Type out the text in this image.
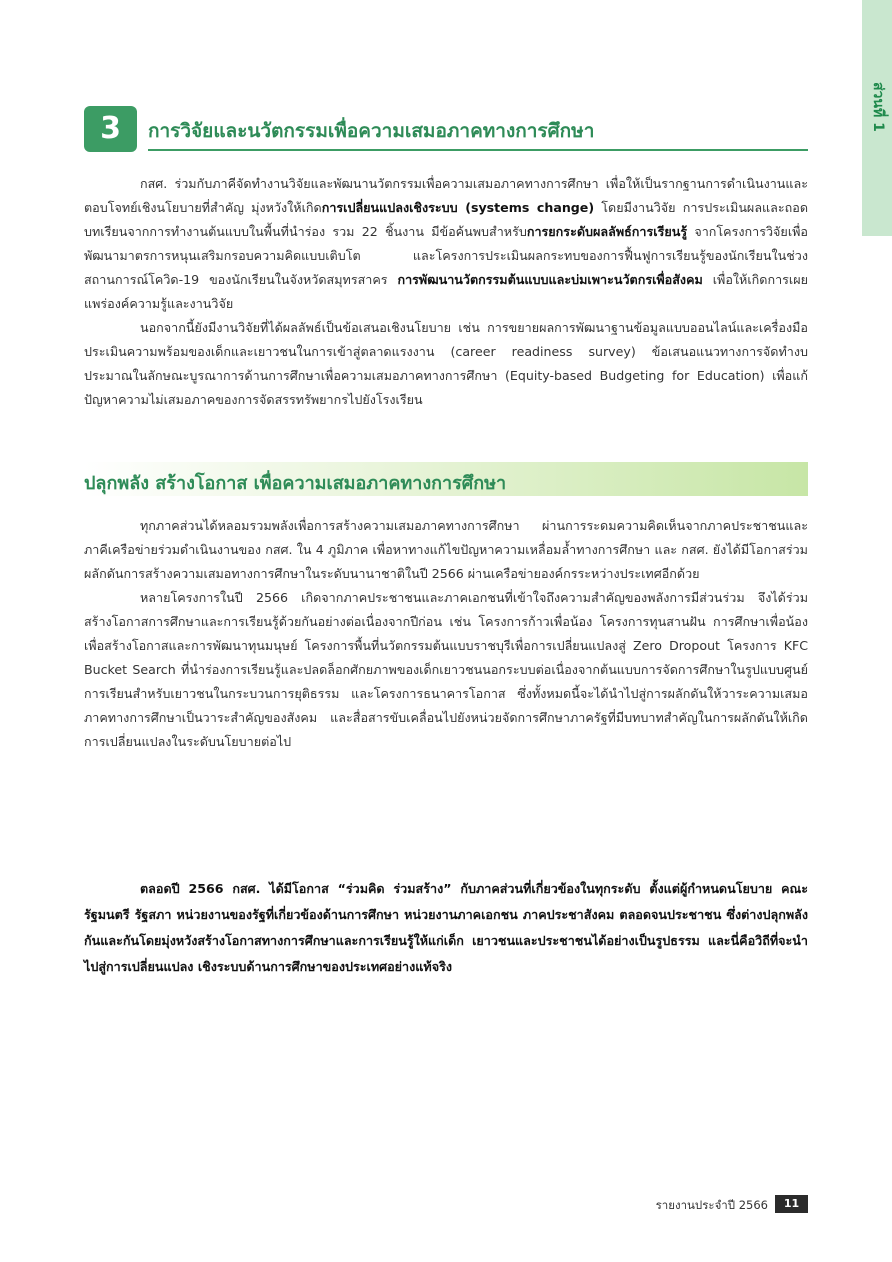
ส่วนที่ 1
3	การวิจัยและนวัตกรรมเพื่อความเสมอภาคทางการศึกษา

กสศ. ร่วมกับภาคีจัดทำงานวิจัยและพัฒนานวัตกรรมเพื่อความเสมอภาคทางการศึกษา เพื่อให้เป็นรากฐานการดำเนินงานและตอบโจทย์เชิงนโยบายที่สำคัญ มุ่งหวังให้เกิดการเปลี่ยนแปลงเชิงระบบ (systems change) โดยมีงานวิจัย การประเมินผลและถอดบทเรียนจากการทำงานต้นแบบในพื้นที่นำร่อง รวม 22 ชิ้นงาน มีข้อค้นพบสำหรับการยกระดับผลลัพธ์การเรียนรู้ จากโครงการวิจัยเพื่อพัฒนามาตรการหนุนเสริมกรอบความคิดแบบเติบโต และโครงการประเมินผลกระทบของการฟื้นฟูการเรียนรู้ของนักเรียนในช่วงสถานการณ์โควิด-19 ของนักเรียนในจังหวัดสมุทรสาคร การพัฒนานวัตกรรมต้นแบบและบ่มเพาะนวัตกรเพื่อสังคม เพื่อให้เกิดการเผยแพร่องค์ความรู้และงานวิจัย

นอกจากนี้ยังมีงานวิจัยที่ได้ผลลัพธ์เป็นข้อเสนอเชิงนโยบาย เช่น การขยายผลการพัฒนาฐานข้อมูลแบบออนไลน์และเครื่องมือประเมินความพร้อมของเด็กและเยาวชนในการเข้าสู่ตลาดแรงงาน (career readiness survey) ข้อเสนอแนวทางการจัดทำงบประมาณในลักษณะบูรณาการด้านการศึกษาเพื่อความเสมอภาคทางการศึกษา (Equity-based Budgeting for Education) เพื่อแก้ปัญหาความไม่เสมอภาคของการจัดสรรทรัพยากรไปยังโรงเรียน

ปลุกพลัง สร้างโอกาส เพื่อความเสมอภาคทางการศึกษา

ทุกภาคส่วนได้หลอมรวมพลังเพื่อการสร้างความเสมอภาคทางการศึกษา ผ่านการระดมความคิดเห็นจากภาคประชาชนและภาคีเครือข่ายร่วมดำเนินงานของ กสศ. ใน 4 ภูมิภาค เพื่อหาทางแก้ไขปัญหาความเหลื่อมล้ำทางการศึกษา และ กสศ. ยังได้มีโอกาสร่วมผลักดันการสร้างความเสมอทางการศึกษาในระดับนานาชาติในปี 2566 ผ่านเครือข่ายองค์กรระหว่างประเทศอีกด้วย

หลายโครงการในปี 2566 เกิดจากภาคประชาชนและภาคเอกชนที่เข้าใจถึงความสำคัญของพลังการมีส่วนร่วม จึงได้ร่วมสร้างโอกาสการศึกษาและการเรียนรู้ด้วยกันอย่างต่อเนื่องจากปีก่อน เช่น โครงการก้าวเพื่อน้อง โครงการทุนสานฝัน การศึกษาเพื่อน้องเพื่อสร้างโอกาสและการพัฒนาทุนมนุษย์ โครงการพื้นที่นวัตกรรมต้นแบบราชบุรีเพื่อการเปลี่ยนแปลงสู่ Zero Dropout โครงการ KFC Bucket Search ที่นำร่องการเรียนรู้และปลดล็อกศักยภาพของเด็กเยาวชนนอกระบบต่อเนื่องจากต้นแบบการจัดการศึกษาในรูปแบบศูนย์การเรียนสำหรับเยาวชนในกระบวนการยุติธรรม และโครงการธนาคารโอกาส ซึ่งทั้งหมดนี้จะได้นำไปสู่การผลักดันให้วาระความเสมอภาคทางการศึกษาเป็นวาระสำคัญของสังคม และสื่อสารขับเคลื่อนไปยังหน่วยจัดการศึกษาภาครัฐที่มีบทบาทสำคัญในการผลักดันให้เกิดการเปลี่ยนแปลงในระดับนโยบายต่อไป

ตลอดปี 2566 กสศ. ได้มีโอกาส “ร่วมคิด ร่วมสร้าง” กับภาคส่วนที่เกี่ยวข้องในทุกระดับ ตั้งแต่ผู้กำหนดนโยบาย คณะรัฐมนตรี รัฐสภา หน่วยงานของรัฐที่เกี่ยวข้องด้านการศึกษา หน่วยงานภาคเอกชน ภาคประชาสังคม ตลอดจนประชาชน ซึ่งต่างปลุกพลังกันและกันโดยมุ่งหวังสร้างโอกาสทางการศึกษาและการเรียนรู้ให้แก่เด็ก เยาวชนและประชาชนได้อย่างเป็นรูปธรรม และนี่คือวิถีที่จะนำไปสู่การเปลี่ยนแปลง เชิงระบบด้านการศึกษาของประเทศอย่างแท้จริง

รายงานประจำปี 2566	11
